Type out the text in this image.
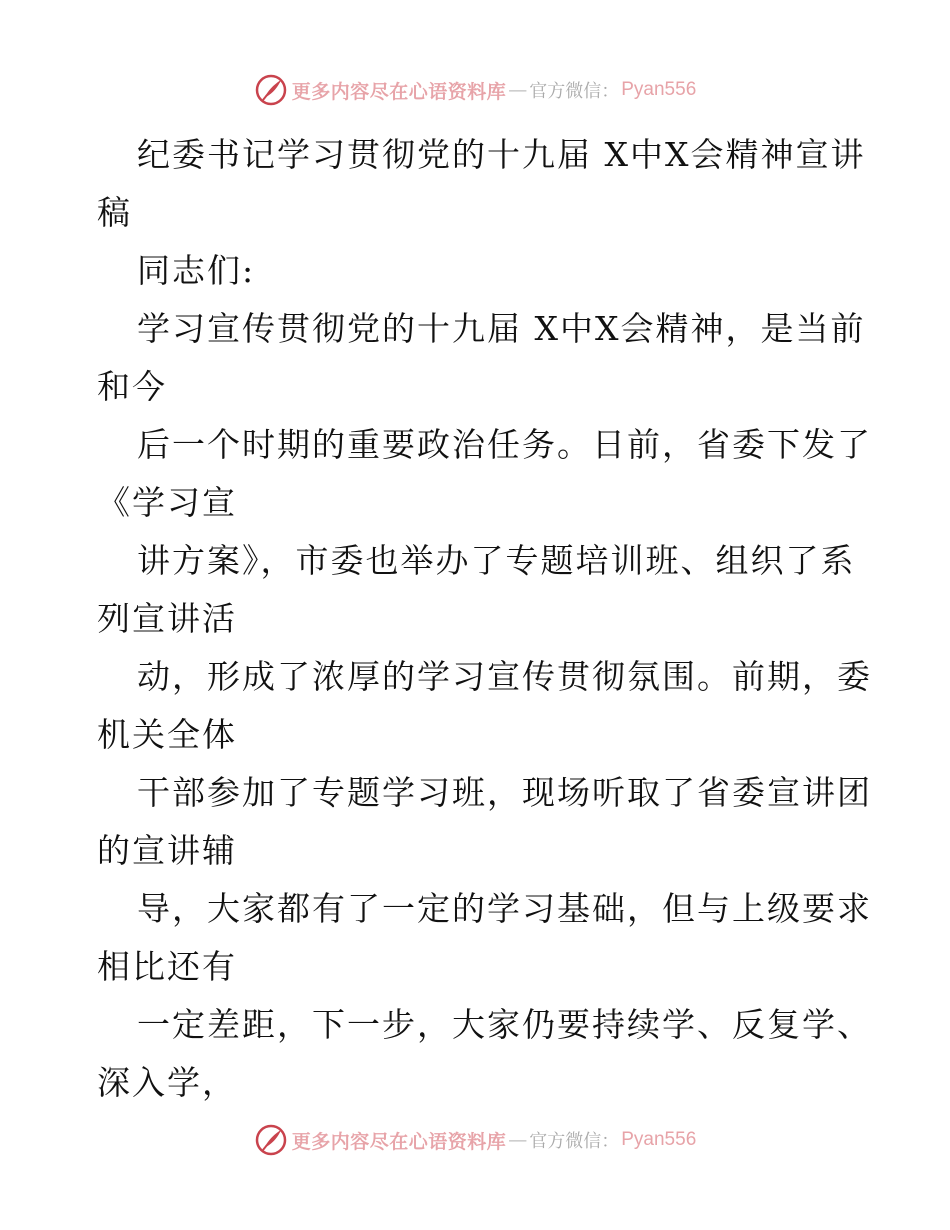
更多内容尽在心语资料库 — 官方微信： Pyan556
纪委书记学习贯彻党的十九届 X中X会精神宣讲
稿
同志们:
学习宣传贯彻党的十九届 X中X会精神，是当前
和今
后一个时期的重要政治任务。日前，省委下发了
《学习宣
讲方案》，市委也举办了专题培训班、组织了系
列宣讲活
动，形成了浓厚的学习宣传贯彻氛围。前期，委
机关全体
干部参加了专题学习班，现场听取了省委宣讲团
的宣讲辅
导，大家都有了一定的学习基础，但与上级要求
相比还有
一定差距，下一步，大家仍要持续学、反复学、
深入学，
更多内容尽在心语资料库 — 官方微信： Pyan556
